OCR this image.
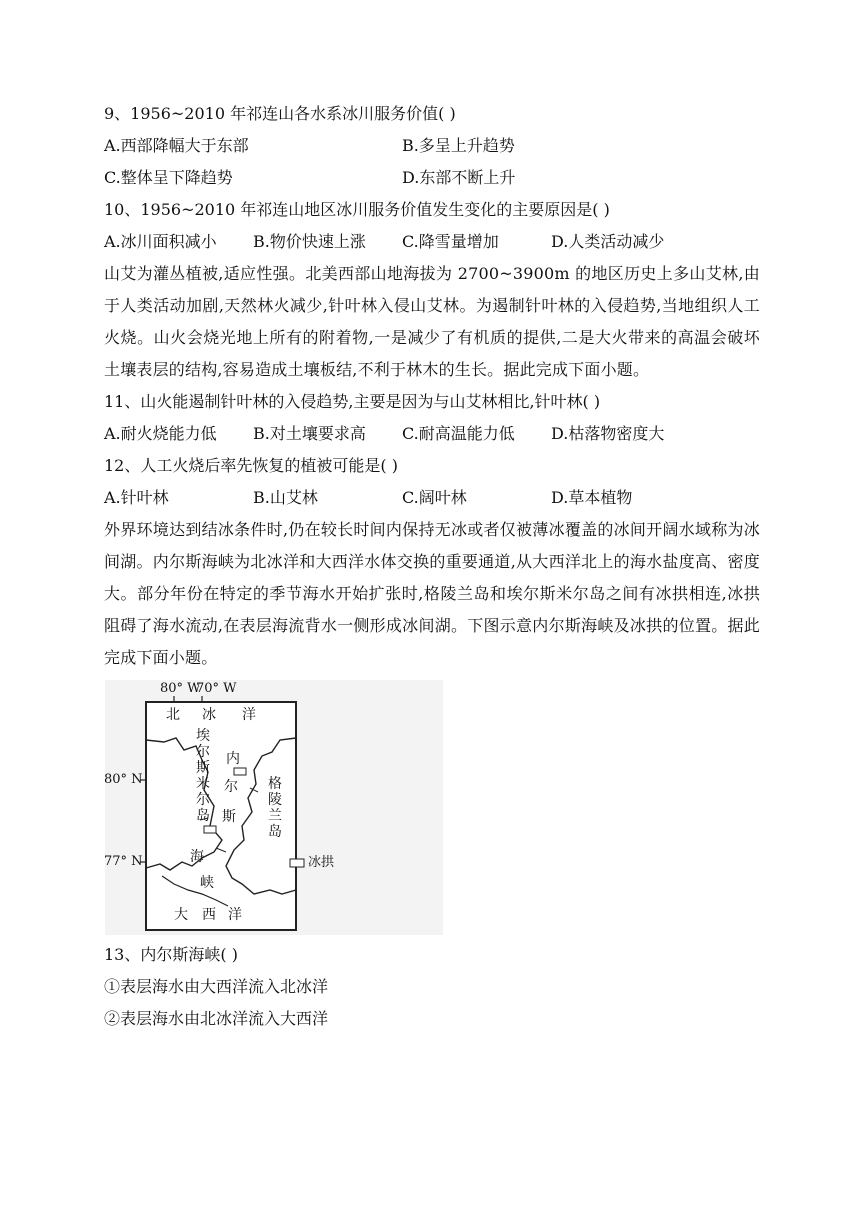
9、1956~2010 年祁连山各水系冰川服务价值( )
A.西部降幅大于东部	B.多呈上升趋势
C.整体呈下降趋势	D.东部不断上升
10、1956~2010 年祁连山地区冰川服务价值发生变化的主要原因是( )
A.冰川面积减小	B.物价快速上涨	C.降雪量增加	D.人类活动减少

山艾为灌丛植被,适应性强。北美西部山地海拔为 2700~3900m 的地区历史上多山艾林,由于人类活动加剧,天然林火减少,针叶林入侵山艾林。为遏制针叶林的入侵趋势,当地组织人工火烧。山火会烧光地上所有的附着物,一是减少了有机质的提供,二是大火带来的高温会破坏土壤表层的结构,容易造成土壤板结,不利于林木的生长。据此完成下面小题。

11、山火能遏制针叶林的入侵趋势,主要是因为与山艾林相比,针叶林( )
A.耐火烧能力低	B.对土壤要求高	C.耐高温能力低	D.枯落物密度大
12、人工火烧后率先恢复的植被可能是( )
A.针叶林	B.山艾林	C.阔叶林	D.草本植物

外界环境达到结冰条件时,仍在较长时间内保持无冰或者仅被薄冰覆盖的冰间开阔水域称为冰间湖。内尔斯海峡为北冰洋和大西洋水体交换的重要通道,从大西洋北上的海水盐度高、密度大。部分年份在特定的季节海水开始扩张时,格陵兰岛和埃尔斯米尔岛之间有冰拱相连,冰拱阻碍了海水流动,在表层海流背水一侧形成冰间湖。下图示意内尔斯海峡及冰拱的位置。据此完成下面小题。

80° W
70° W
80° N
77° N
北 冰 洋
埃尔斯米尔岛
内
尔
斯
海
峡
格陵兰岛
大 西 洋
冰拱
13、内尔斯海峡( )
①表层海水由大西洋流入北冰洋
②表层海水由北冰洋流入大西洋
